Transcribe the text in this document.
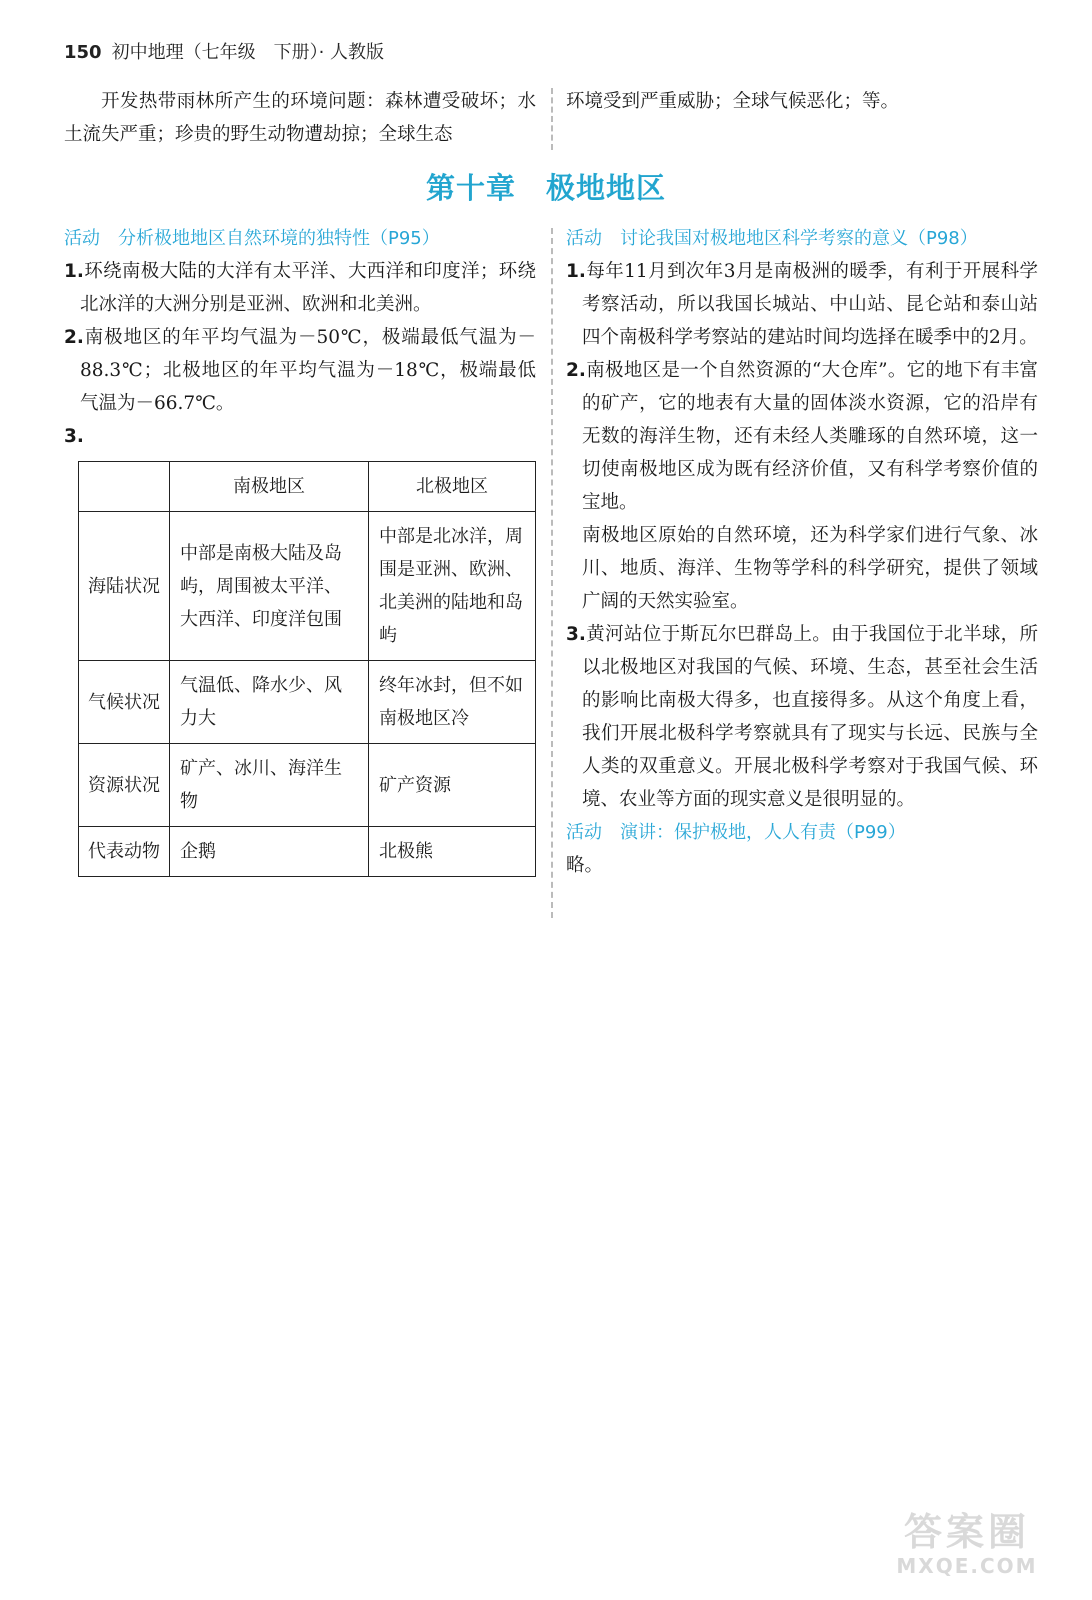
150 初中地理（七年级　下册）· 人教版
开发热带雨林所产生的环境问题：森林遭受破坏；水土流失严重；珍贵的野生动物遭劫掠；全球生态
环境受到严重威胁；全球气候恶化；等。
第十章 极地地区
活动 分析极地地区自然环境的独特性（P95）

1.环绕南极大陆的大洋有太平洋、大西洋和印度洋；环绕北冰洋的大洲分别是亚洲、欧洲和北美洲。

2.南极地区的年平均气温为－50℃，极端最低气温为－88.3℃；北极地区的年平均气温为－18℃，极端最低气温为－66.7℃。

3.

	南极地区	北极地区
海陆状况	中部是南极大陆及岛屿，周围被太平洋、大西洋、印度洋包围	中部是北冰洋，周围是亚洲、欧洲、北美洲的陆地和岛屿
气候状况	气温低、降水少、风力大	终年冰封，但不如南极地区冷
资源状况	矿产、冰川、海洋生物	矿产资源
代表动物	企鹅	北极熊
活动 讨论我国对极地地区科学考察的意义（P98）

1.每年11月到次年3月是南极洲的暖季，有利于开展科学考察活动，所以我国长城站、中山站、昆仑站和泰山站四个南极科学考察站的建站时间均选择在暖季中的2月。

2.南极地区是一个自然资源的“大仓库”。它的地下有丰富的矿产，它的地表有大量的固体淡水资源，它的沿岸有无数的海洋生物，还有未经人类雕琢的自然环境，这一切使南极地区成为既有经济价值，又有科学考察价值的宝地。

南极地区原始的自然环境，还为科学家们进行气象、冰川、地质、海洋、生物等学科的科学研究，提供了领域广阔的天然实验室。

3.黄河站位于斯瓦尔巴群岛上。由于我国位于北半球，所以北极地区对我国的气候、环境、生态，甚至社会生活的影响比南极大得多，也直接得多。从这个角度上看，我们开展北极科学考察就具有了现实与长远、民族与全人类的双重意义。开展北极科学考察对于我国气候、环境、农业等方面的现实意义是很明显的。

活动 演讲：保护极地，人人有责（P99）

略。

答案圈
MXQE.COM
